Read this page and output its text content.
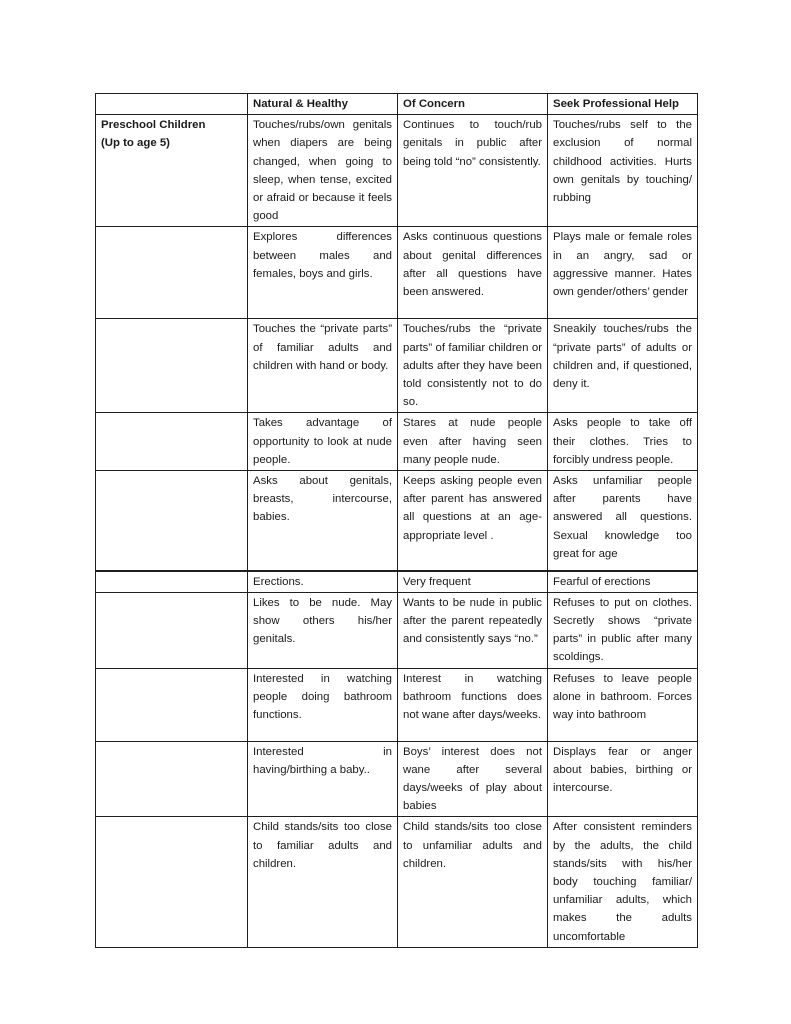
	Natural & Healthy	Of Concern	Seek Professional Help

Preschool Children
(Up to age 5)	Touches/rubs/own genitals when diapers are being changed, when going to sleep, when tense, excited or afraid or because it feels good	Continues to touch/rub genitals in public after being told “no” consistently.	Touches/rubs self to the exclusion of normal childhood activities. Hurts own genitals by touching/ rubbing
	Explores differences between males and females, boys and girls.	Asks continuous questions about genital differences after all questions have been answered.	Plays male or female roles in an angry, sad or aggressive manner. Hates own gender/others’ gender
	Touches the “private parts” of familiar adults and children with hand or body.	Touches/rubs the “private parts” of familiar children or adults after they have been told consistently not to do so.	Sneakily touches/rubs the “private parts” of adults or children and, if questioned, deny it.
	Takes advantage of opportunity to look at nude people.	Stares at nude people even after having seen many people nude.	Asks people to take off their clothes. Tries to forcibly undress people.
	Asks about genitals, breasts, intercourse, babies.	Keeps asking people even after parent has answered all questions at an age-appropriate level .	Asks unfamiliar people after parents have answered all questions. Sexual knowledge too great for age
	Erections.	Very frequent	Fearful of erections
	Likes to be nude. May show others his/her genitals.	Wants to be nude in public after the parent repeatedly and consistently says “no.”	Refuses to put on clothes. Secretly shows “private parts” in public after many scoldings.
	Interested in watching people doing bathroom functions.	Interest in watching bathroom functions does not wane after days/weeks.	Refuses to leave people alone in bathroom. Forces way into bathroom
	Interested in having/birthing a baby..	Boys’ interest does not wane after several days/weeks of play about babies	Displays fear or anger about babies, birthing or intercourse.
	Child stands/sits too close to familiar adults and children.	Child stands/sits too close to unfamiliar adults and children.	After consistent reminders by the adults, the child stands/sits with his/her body touching familiar/ unfamiliar adults, which makes the adults uncomfortable
